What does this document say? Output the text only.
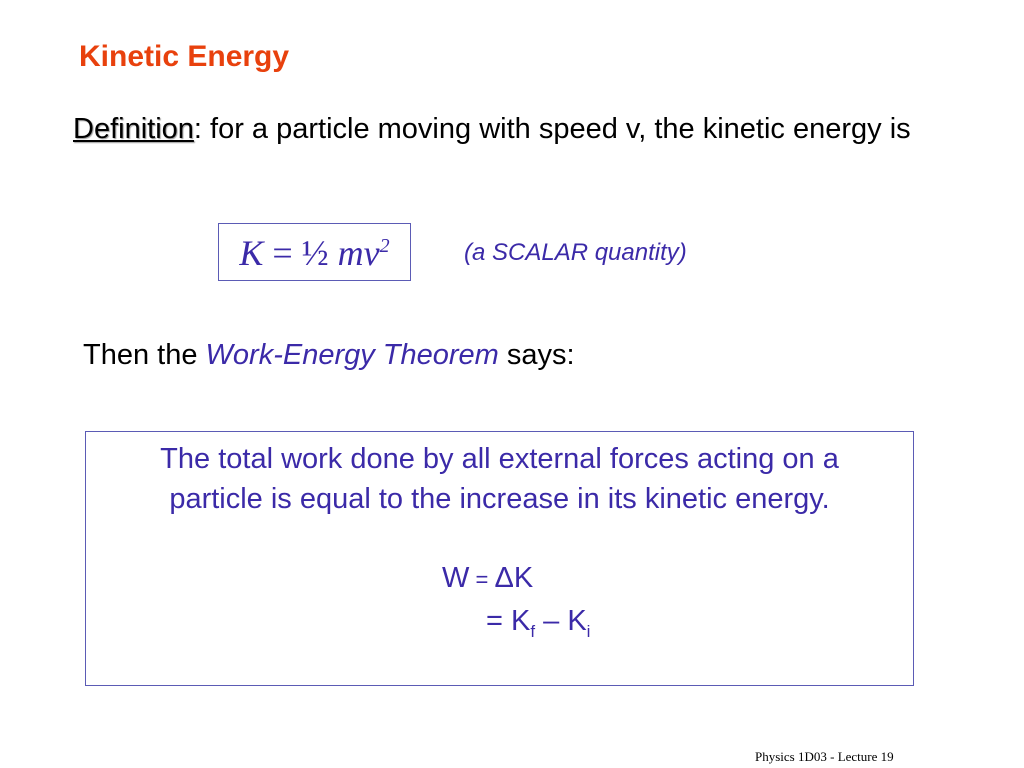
Kinetic Energy
Definition: for a particle moving with speed v, the kinetic energy is
K = ½ $mv^2$	(a SCALAR quantity)
Then the Work-Energy Theorem says:
The total work done by all external forces acting on a
particle is equal to the increase in its kinetic energy.
W = ΔK
= $K_f - K_i$
Physics 1D03 - Lecture 19
